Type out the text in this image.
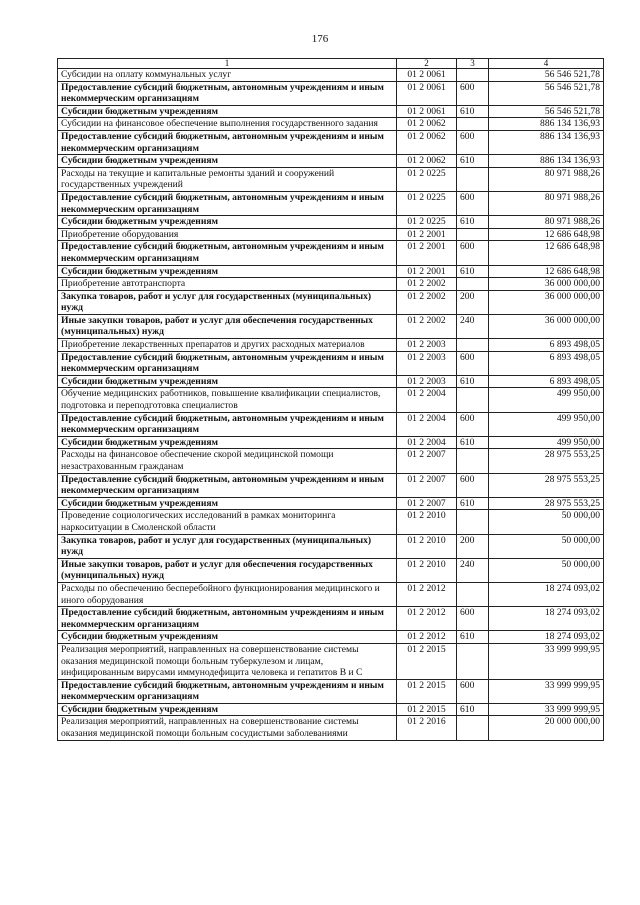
176
1	2	3	4
Субсидии на оплату коммунальных услуг	01 2 0061		56 546 521,78
Предоставление субсидий бюджетным, автономным учреждениям и иным некоммерческим организациям	01 2 0061	600	56 546 521,78
Субсидии бюджетным учреждениям	01 2 0061	610	56 546 521,78
Субсидии на финансовое обеспечение выполнения государственного задания	01 2 0062		886 134 136,93
Предоставление субсидий бюджетным, автономным учреждениям и иным некоммерческим организациям	01 2 0062	600	886 134 136,93
Субсидии бюджетным учреждениям	01 2 0062	610	886 134 136,93
Расходы на текущие и капитальные ремонты зданий и сооружений государственных учреждений	01 2 0225		80 971 988,26
Предоставление субсидий бюджетным, автономным учреждениям и иным некоммерческим организациям	01 2 0225	600	80 971 988,26
Субсидии бюджетным учреждениям	01 2 0225	610	80 971 988,26
Приобретение оборудования	01 2 2001		12 686 648,98
Предоставление субсидий бюджетным, автономным учреждениям и иным некоммерческим организациям	01 2 2001	600	12 686 648,98
Субсидии бюджетным учреждениям	01 2 2001	610	12 686 648,98
Приобретение автотранспорта	01 2 2002		36 000 000,00
Закупка товаров, работ и услуг для государственных (муниципальных) нужд	01 2 2002	200	36 000 000,00
Иные закупки товаров, работ и услуг для обеспечения государственных (муниципальных) нужд	01 2 2002	240	36 000 000,00
Приобретение лекарственных препаратов и других расходных материалов	01 2 2003		6 893 498,05
Предоставление субсидий бюджетным, автономным учреждениям и иным некоммерческим организациям	01 2 2003	600	6 893 498,05
Субсидии бюджетным учреждениям	01 2 2003	610	6 893 498,05
Обучение медицинских работников, повышение квалификации специалистов, подготовка и переподготовка специалистов	01 2 2004		499 950,00
Предоставление субсидий бюджетным, автономным учреждениям и иным некоммерческим организациям	01 2 2004	600	499 950,00
Субсидии бюджетным учреждениям	01 2 2004	610	499 950,00
Расходы на финансовое обеспечение скорой медицинской помощи незастрахованным гражданам	01 2 2007		28 975 553,25
Предоставление субсидий бюджетным, автономным учреждениям и иным некоммерческим организациям	01 2 2007	600	28 975 553,25
Субсидии бюджетным учреждениям	01 2 2007	610	28 975 553,25
Проведение социологических исследований в рамках мониторинга наркоситуации в Смоленской области	01 2 2010		50 000,00
Закупка товаров, работ и услуг для государственных (муниципальных) нужд	01 2 2010	200	50 000,00
Иные закупки товаров, работ и услуг для обеспечения государственных (муниципальных) нужд	01 2 2010	240	50 000,00
Расходы по обеспечению бесперебойного функционирования медицинского и иного оборудования	01 2 2012		18 274 093,02
Предоставление субсидий бюджетным, автономным учреждениям и иным некоммерческим организациям	01 2 2012	600	18 274 093,02
Субсидии бюджетным учреждениям	01 2 2012	610	18 274 093,02
Реализация мероприятий, направленных на совершенствование системы оказания медицинской помощи больным туберкулезом и лицам, инфицированным вирусами иммунодефицита человека и гепатитов В и С	01 2 2015		33 999 999,95
Предоставление субсидий бюджетным, автономным учреждениям и иным некоммерческим организациям	01 2 2015	600	33 999 999,95
Субсидии бюджетным учреждениям	01 2 2015	610	33 999 999,95
Реализация мероприятий, направленных на совершенствование системы оказания медицинской помощи больным сосудистыми заболеваниями	01 2 2016		20 000 000,00
